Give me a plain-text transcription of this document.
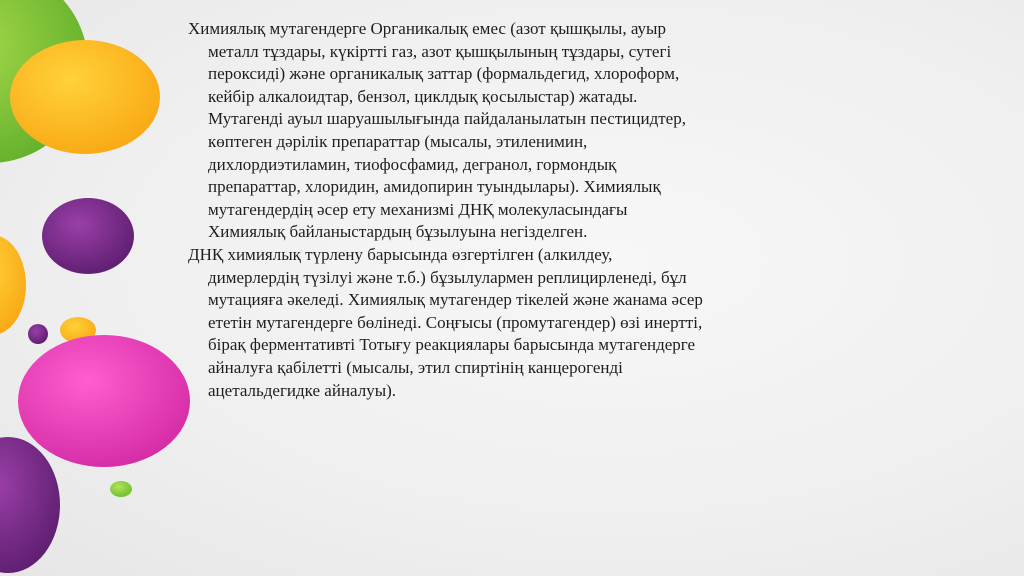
Химиялық мутагендерге Органикалық емес (азот қышқылы, ауыр
металл тұздары, күкіртті газ, азот қышқылының тұздары, сутегі
пероксиді) және органикалық заттар (формальдегид, хлороформ,
кейбір алкалоидтар, бензол, циклдық қосылыстар) жатады.
Мутагенді ауыл шаруашылығында пайдаланылатын пестицидтер,
көптеген дәрілік препараттар (мысалы, этиленимин,
дихлордиэтиламин, тиофосфамид, дегранол, гормондық
препараттар, хлоридин, амидопирин туындылары). Химиялық
мутагендердің әсер ету механизмі ДНҚ молекуласындағы
Химиялық байланыстардың бұзылуына негізделген.

ДНҚ химиялық түрлену барысында өзгертілген (алкилдеу,
димерлердің түзілуі және т.б.) бұзылулармен реплицирленеді, бұл
мутацияға әкеледі. Химиялық мутагендер тікелей және жанама әсер
ететін мутагендерге бөлінеді. Соңғысы (промутагендер) өзі инертті,
бірақ ферментативті Тотығу реакциялары барысында мутагендерге
айналуға қабілетті (мысалы, этил спиртінің канцерогенді
ацетальдегидке айналуы).
